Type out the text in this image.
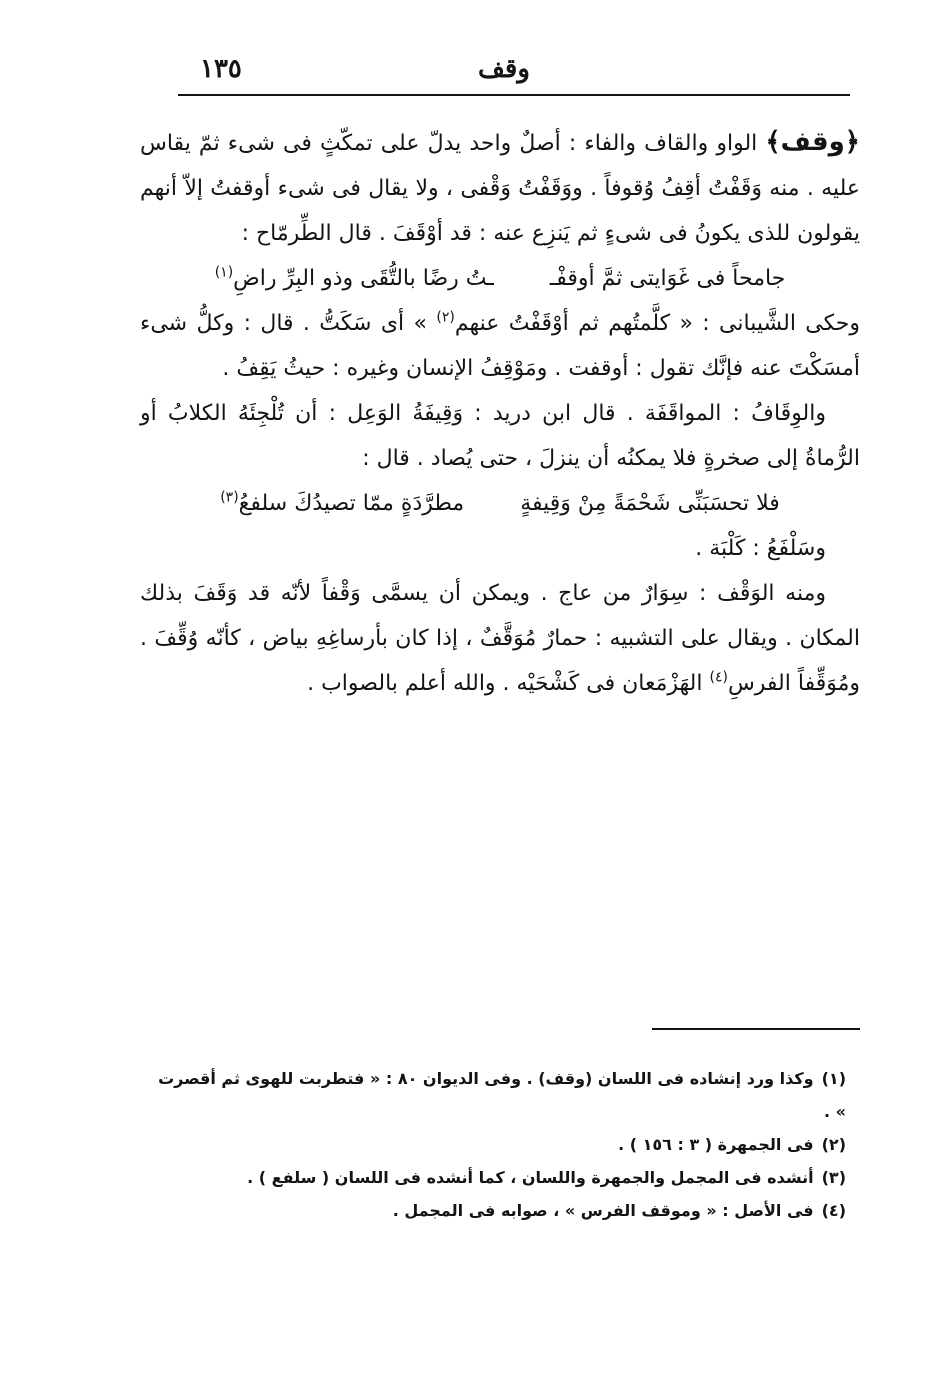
١٣٥	وقف

﴿وقف﴾ الواو والقاف والفاء : أصلٌ واحد يدلّ على تمكّثٍ فى شىء ثمّ يقاس عليه . منه وَقَفْتُ أقِفُ وُقوفاً . ووَقَفْتُ وَقْفى ، ولا يقال فى شىء أوقفتُ إلاّ أنهم يقولون للذى يكونُ فى شىءٍ ثم يَنزِع عنه : قد أوْقَفَ . قال الطِّرمّاح :

جامحاً فى غَوَايتى ثمَّ أوقفْــتُ رضًا بالتُّقَى وذو البِرِّ راضِ$^{(١)}$

وحكى الشَّيبانى : « كلَّمتُهم ثم أوْقَفْتُ عنهم$^{(٢)}$ » أى سَكَتُّ . قال : وكلُّ شىء أمسَكْتَ عنه فإنَّك تقول : أوقفت . ومَوْقِفُ الإنسان وغيره : حيثُ يَقِفُ .

والوِقَافُ : المواقَفَة . قال ابن دريد : وَقِيفَةُ الوَعِل : أن تُلْجِئَهُ الكلابُ أو الرُّماةُ إلى صخرةٍ فلا يمكنُه أن ينزلَ ، حتى يُصاد . قال :

فلا تحسَبَنِّى شَحْمَةً مِنْ وَقِيفةٍمطرَّدَةٍ ممّا تصيدُكَ سلفعُ$^{(٣)}$

وسَلْفَعُ : كَلْبَة .

ومنه الوَقْف : سِوَارٌ من عاج . ويمكن أن يسمَّى وَقْفاً لأنّه قد وَقَفَ بذلك المكان . ويقال على التشبيه : حمارٌ مُوَقَّفٌ ، إذا كان بأرساغِهِ بياض ، كأنّه وُقِّفَ . ومُوَقِّفاً الفرسِ$^{(٤)}$ الهَزْمَعان فى كَشْحَيْه . والله أعلم بالصواب .

(١)وكذا ورد إنشاده فى اللسان (وقف) . وفى الديوان ٨٠ : « فتطربت للهوى ثم أقصرت » .
(٢)فى الجمهرة ( ٣ : ١٥٦ ) .
(٣)أنشده فى المجمل والجمهرة واللسان ، كما أنشده فى اللسان ( سلفع ) .
(٤)فى الأصل : « وموقف الفرس » ، صوابه فى المجمل .
